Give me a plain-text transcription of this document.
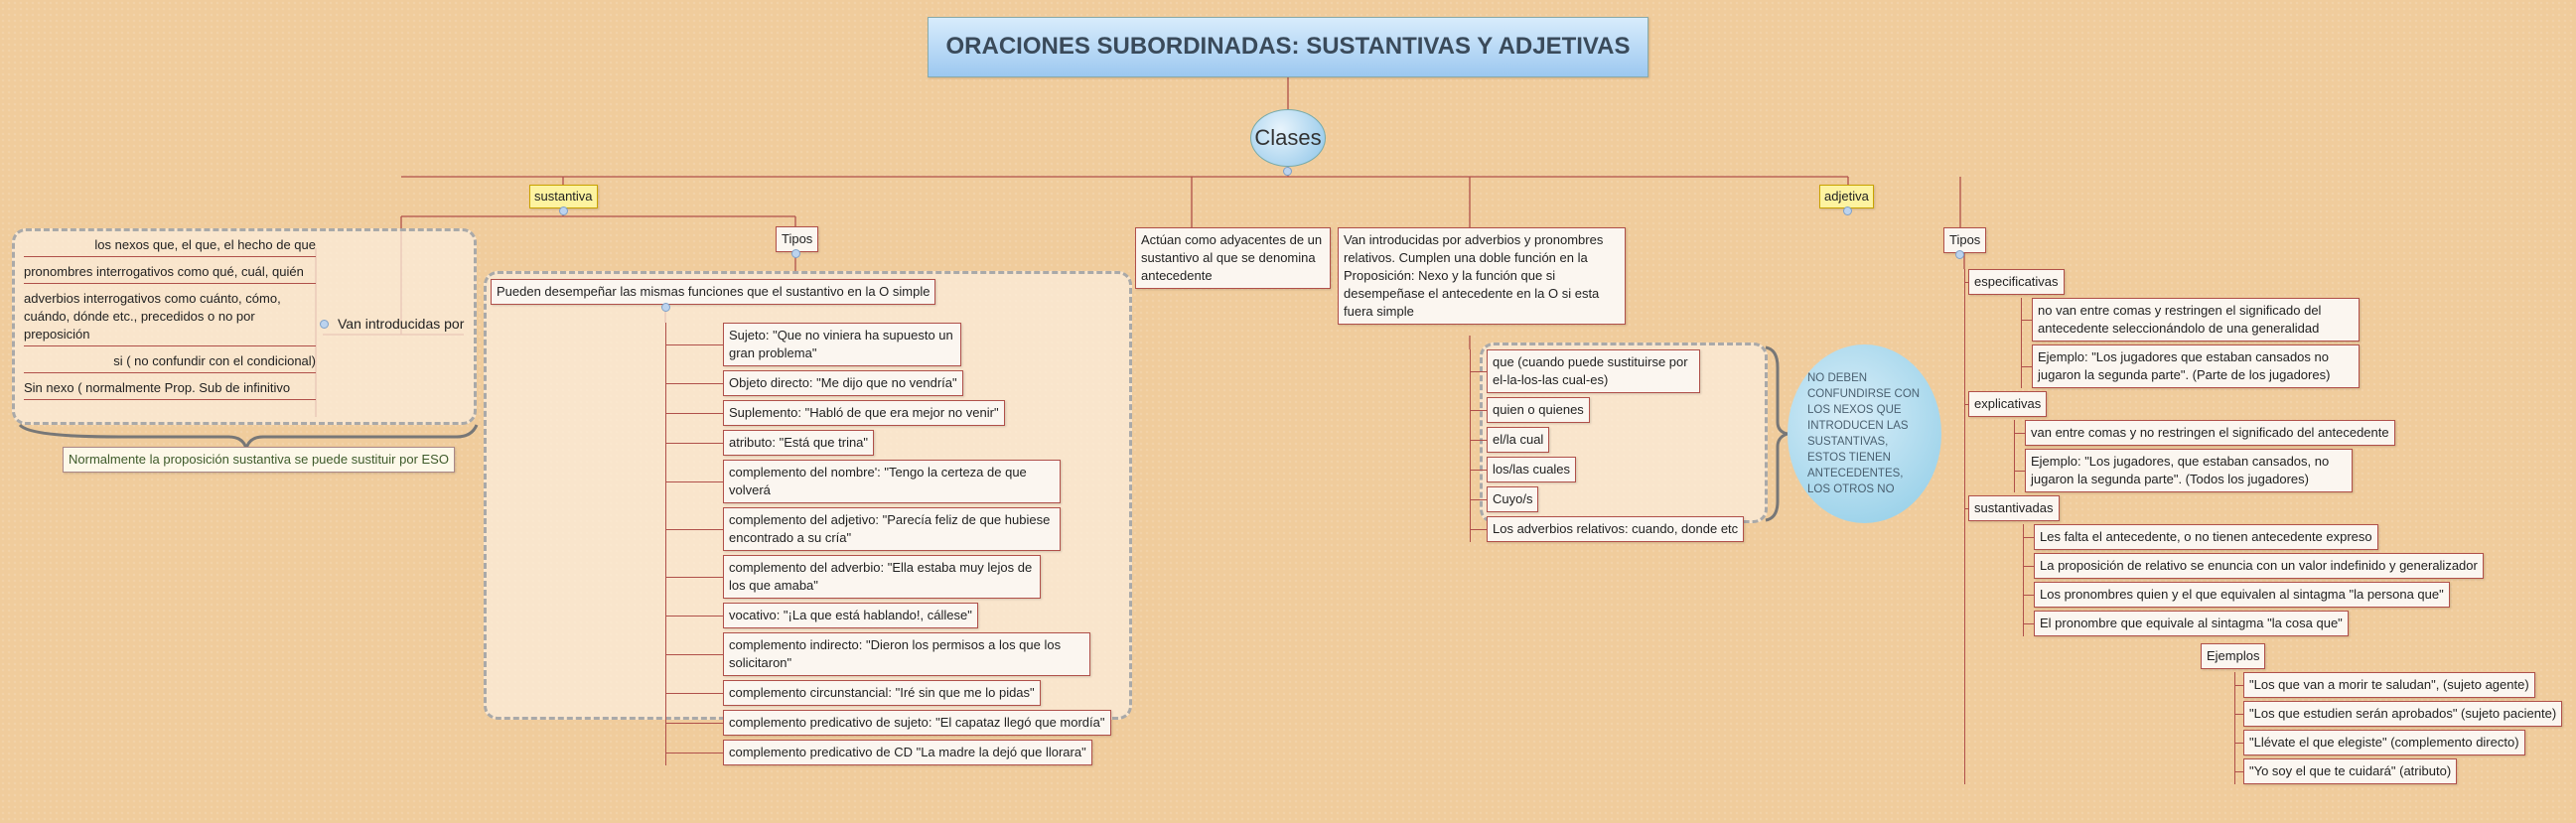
ORACIONES SUBORDINADAS: SUSTANTIVAS Y ADJETIVAS
Clases
sustantiva	adjetiva
Van introducidas por
los nexos que, el que, el hecho de que
pronombres interrogativos como qué, cuál, quién
adverbios interrogativos como cuánto, cómo, cuándo, dónde etc., precedidos o no por preposición
si ( no confundir con el condicional)
Sin nexo ( normalmente Prop. Sub de infinitivo
Normalmente la proposición sustantiva se puede sustituir por ESO
Tipos
Pueden desempeñar las mismas funciones que el sustantivo en la O simple
Sujeto: "Que no viniera ha supuesto un gran problema"
Objeto directo: "Me dijo que no vendría"
Suplemento: "Habló de que era mejor no venir"
atributo: "Está que trina"
complemento del nombre': "Tengo la certeza de que volverá
complemento del adjetivo: "Parecía feliz de que hubiese encontrado a su cría"
complemento del adverbio: "Ella estaba muy lejos de los que amaba"
vocativo: "¡La que está hablando!, cállese"
complemento indirecto: "Dieron los permisos a los que los solicitaron"
complemento circunstancial: "Iré sin que me lo pidas"
complemento predicativo de sujeto: "El capataz llegó que mordía"
complemento predicativo de CD "La madre la dejó que llorara"
Actúan como adyacentes de un sustantivo al que se denomina antecedente
Van introducidas por adverbios y pronombres relativos. Cumplen una doble función en la Proposición: Nexo y la función que si desempeñase el antecedente en la O si esta fuera simple
que (cuando puede sustituirse por el-la-los-las cual-es)
quien o quienes
el/la cual
los/las cuales
Cuyo/s
Los adverbios relativos: cuando, donde etc
NO DEBEN CONFUNDIRSE CON LOS NEXOS QUE INTRODUCEN LAS SUSTANTIVAS, ESTOS TIENEN ANTECEDENTES, LOS OTROS NO
Tipos
especificativas
no van entre comas y restringen el significado del antecedente seleccionándolo de una generalidad
Ejemplo: "Los jugadores que estaban cansados no jugaron la segunda parte". (Parte de los jugadores)
explicativas
van entre comas y no restringen el significado del antecedente
Ejemplo: "Los jugadores, que estaban cansados, no jugaron la segunda parte". (Todos los jugadores)
sustantivadas
Les falta el antecedente, o no tienen antecedente expreso
La proposición de relativo se enuncia con un valor indefinido y generalizador
Los pronombres quien y el que equivalen al sintagma "la persona que"
El pronombre que equivale al sintagma "la cosa que"
Ejemplos
"Los que van a morir te saludan", (sujeto agente)
"Los que estudien serán aprobados" (sujeto paciente)
"Llévate el que elegiste" (complemento directo)
"Yo soy el que te cuidará" (atributo)
